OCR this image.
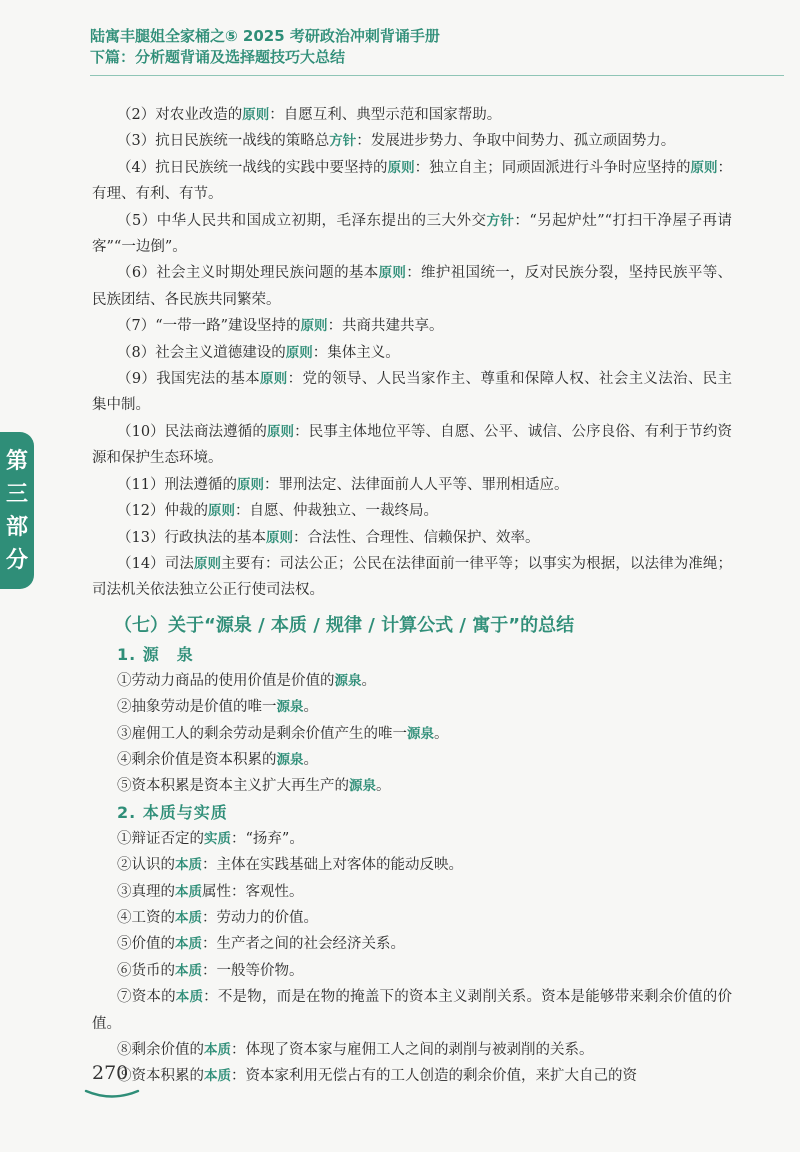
陆寓丰腿姐全家桶之⑤ 2025 考研政治冲刺背诵手册
下篇：分析题背诵及选择题技巧大总结
第
三
部
分

（2）对农业改造的原则：自愿互利、典型示范和国家帮助。

（3）抗日民族统一战线的策略总方针：发展进步势力、争取中间势力、孤立顽固势力。

（4）抗日民族统一战线的实践中要坚持的原则：独立自主；同顽固派进行斗争时应坚持的原则：有理、有利、有节。

（5）中华人民共和国成立初期，毛泽东提出的三大外交方针：“另起炉灶”“打扫干净屋子再请客”“一边倒”。

（6）社会主义时期处理民族问题的基本原则：维护祖国统一，反对民族分裂，坚持民族平等、民族团结、各民族共同繁荣。

（7）“一带一路”建设坚持的原则：共商共建共享。

（8）社会主义道德建设的原则：集体主义。

（9）我国宪法的基本原则：党的领导、人民当家作主、尊重和保障人权、社会主义法治、民主集中制。

（10）民法商法遵循的原则：民事主体地位平等、自愿、公平、诚信、公序良俗、有利于节约资源和保护生态环境。

（11）刑法遵循的原则：罪刑法定、法律面前人人平等、罪刑相适应。

（12）仲裁的原则：自愿、仲裁独立、一裁终局。

（13）行政执法的基本原则：合法性、合理性、信赖保护、效率。

（14）司法原则主要有：司法公正；公民在法律面前一律平等；以事实为根据，以法律为准绳；司法机关依法独立公正行使司法权。

（七）关于“源泉 / 本质 / 规律 / 计算公式 / 寓于”的总结
1. 源　泉

①劳动力商品的使用价值是价值的源泉。

②抽象劳动是价值的唯一源泉。

③雇佣工人的剩余劳动是剩余价值产生的唯一源泉。

④剩余价值是资本积累的源泉。

⑤资本积累是资本主义扩大再生产的源泉。

2. 本质与实质

①辩证否定的实质：“扬弃”。

②认识的本质：主体在实践基础上对客体的能动反映。

③真理的本质属性：客观性。

④工资的本质：劳动力的价值。

⑤价值的本质：生产者之间的社会经济关系。

⑥货币的本质：一般等价物。

⑦资本的本质：不是物，而是在物的掩盖下的资本主义剥削关系。资本是能够带来剩余价值的价值。

⑧剩余价值的本质：体现了资本家与雇佣工人之间的剥削与被剥削的关系。

⑨资本积累的本质：资本家利用无偿占有的工人创造的剩余价值，来扩大自己的资

270
